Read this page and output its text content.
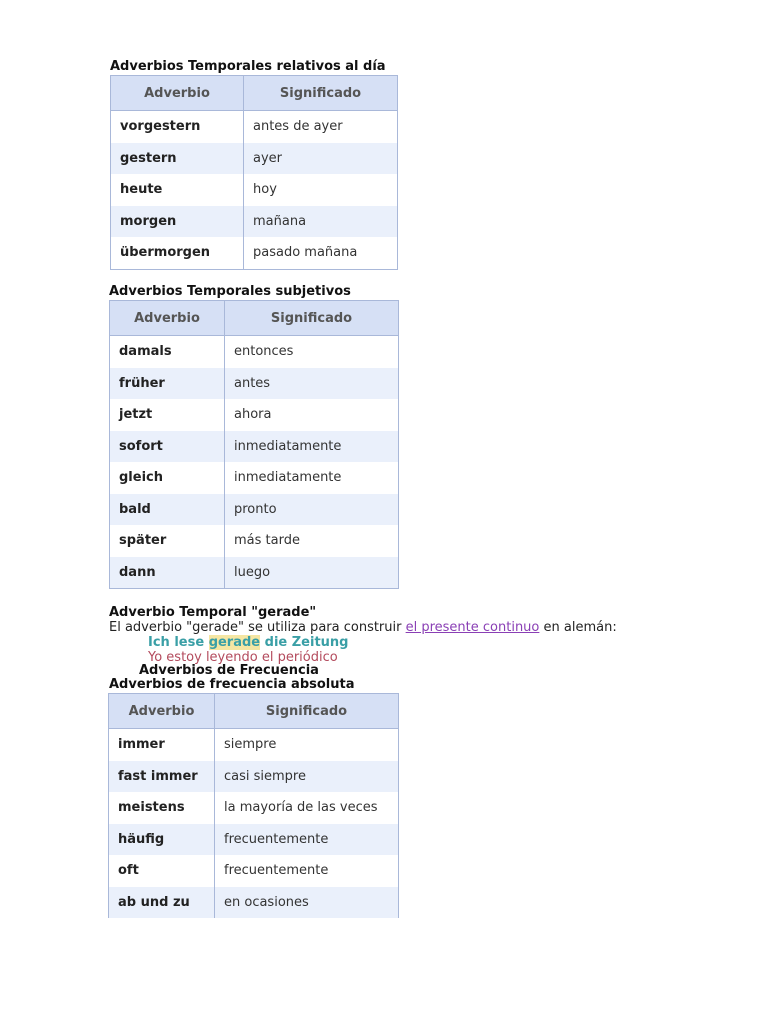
Adverbios Temporales relativos al día
Adverbio	Significado
vorgestern	antes de ayer
gestern	ayer
heute	hoy
morgen	mañana
übermorgen	pasado mañana
Adverbios Temporales subjetivos
Adverbio	Significado
damals	entonces
früher	antes
jetzt	ahora
sofort	inmediatamente
gleich	inmediatamente
bald	pronto
später	más tarde
dann	luego
Adverbio Temporal "gerade"
El adverbio "gerade" se utiliza para construir el presente continuo en alemán:
Ich lese gerade die Zeitung
Yo estoy leyendo el periódico
Adverbios de Frecuencia
Adverbios de frecuencia absoluta
Adverbio	Significado
immer	siempre
fast immer	casi siempre
meistens	la mayoría de las veces
häufig	frecuentemente
oft	frecuentemente
ab und zu	en ocasiones
